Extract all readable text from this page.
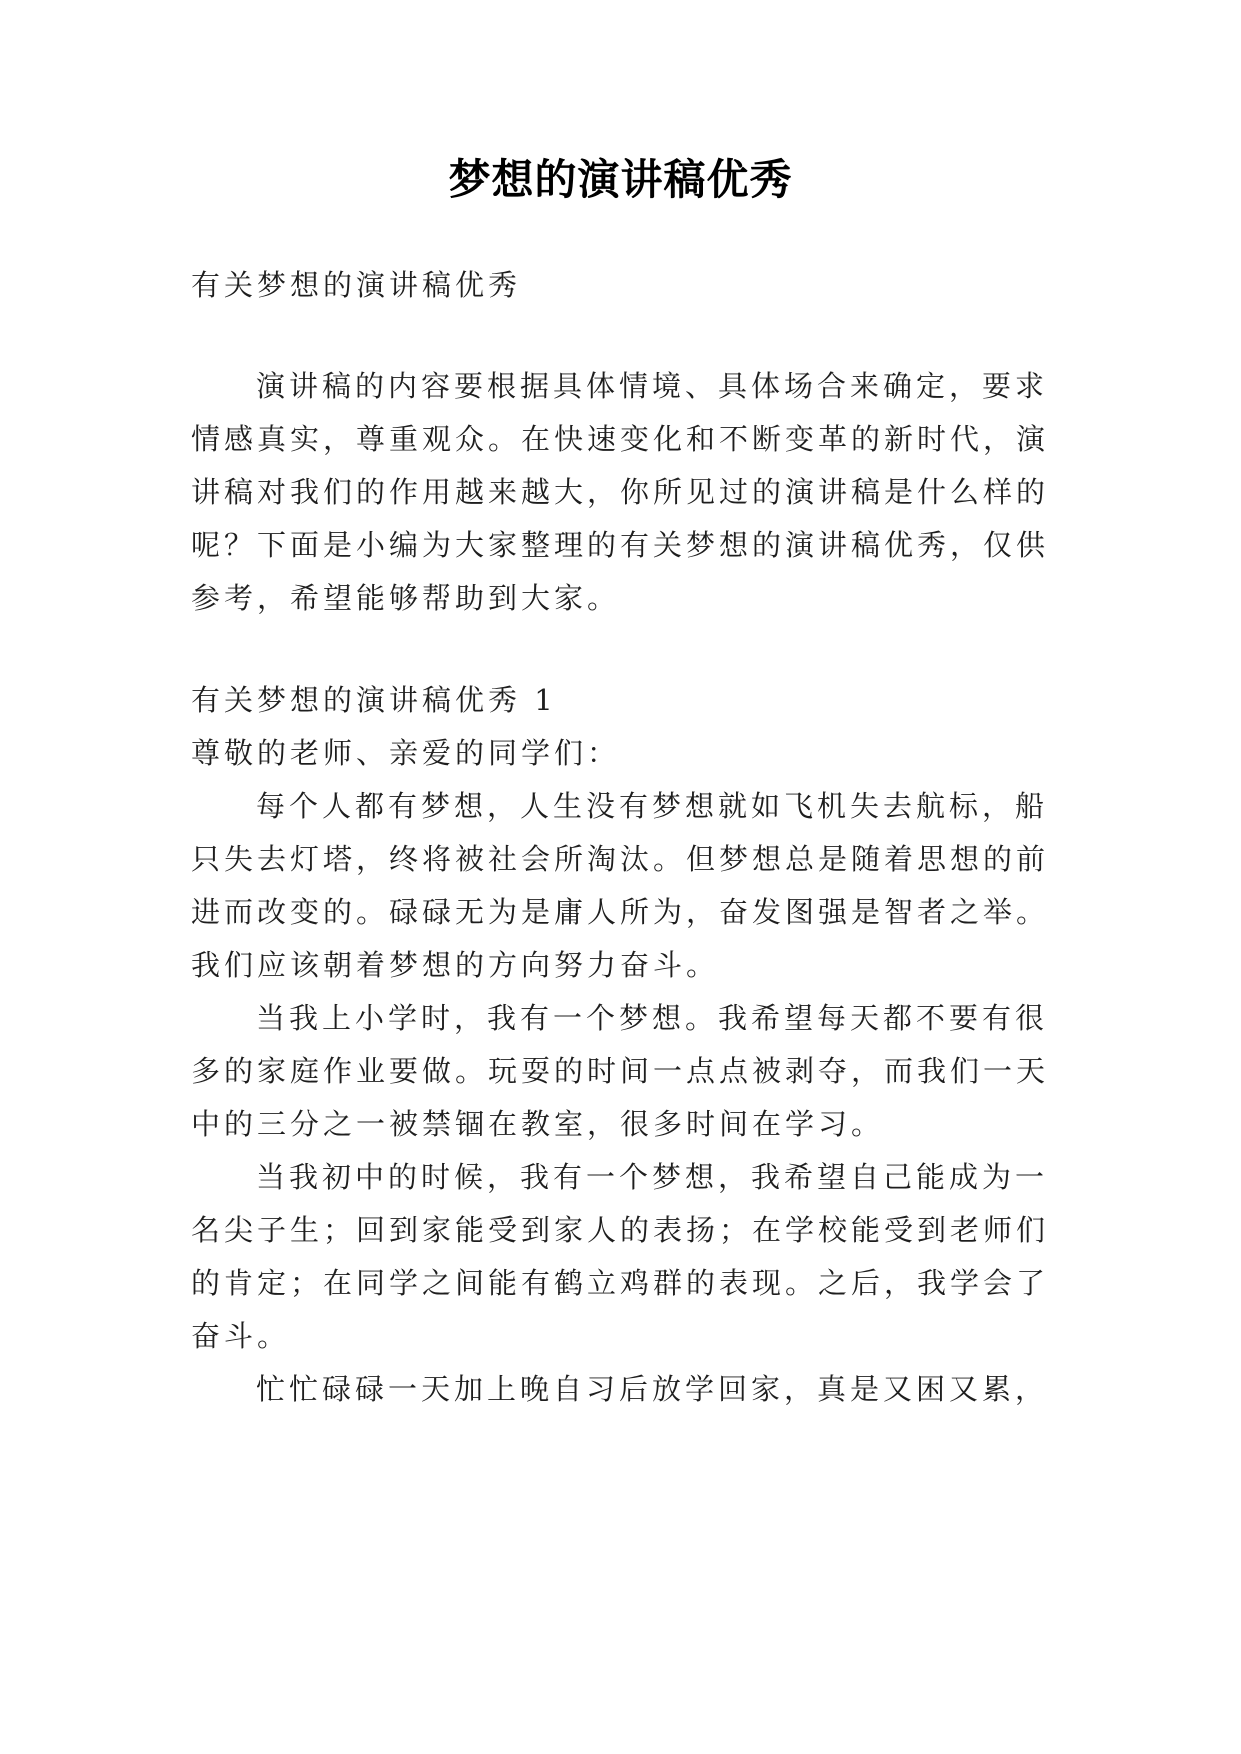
梦想的演讲稿优秀
有关梦想的演讲稿优秀
演讲稿的内容要根据具体情境、具体场合来确定，要求
情感真实，尊重观众。在快速变化和不断变革的新时代，演
讲稿对我们的作用越来越大，你所见过的演讲稿是什么样的
呢？下面是小编为大家整理的有关梦想的演讲稿优秀，仅供
参考，希望能够帮助到大家。
有关梦想的演讲稿优秀 1
尊敬的老师、亲爱的同学们：
每个人都有梦想，人生没有梦想就如飞机失去航标，船
只失去灯塔，终将被社会所淘汰。但梦想总是随着思想的前
进而改变的。碌碌无为是庸人所为，奋发图强是智者之举。
我们应该朝着梦想的方向努力奋斗。
当我上小学时，我有一个梦想。我希望每天都不要有很
多的家庭作业要做。玩耍的时间一点点被剥夺，而我们一天
中的三分之一被禁锢在教室，很多时间在学习。
当我初中的时候，我有一个梦想，我希望自己能成为一
名尖子生；回到家能受到家人的表扬；在学校能受到老师们
的肯定；在同学之间能有鹤立鸡群的表现。之后，我学会了
奋斗。
忙忙碌碌一天加上晚自习后放学回家，真是又困又累，
